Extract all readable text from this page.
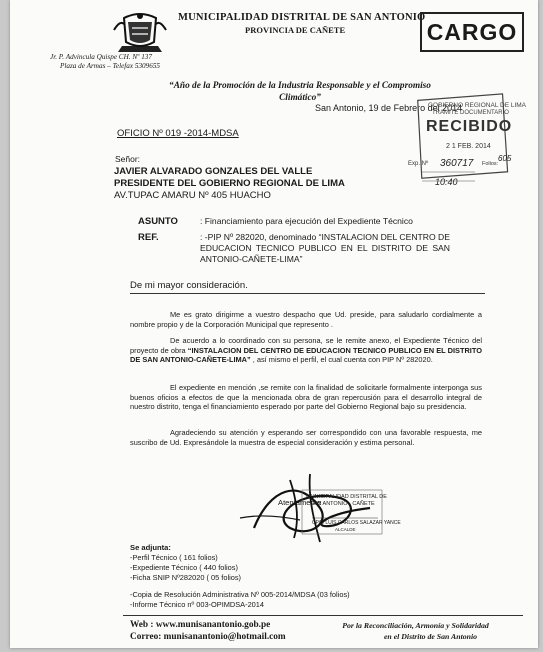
MUNICIPALIDAD DISTRITAL DE SAN ANTONIO
PROVINCIA DE CAÑETE
Jr. P. Advincula Quispe CH. Nº 137
Plaza de Armas – Telefax 5309655
CARGO
“Año de la Promoción de la Industria Responsable y el Compromiso Climático”
San Antonio, 19 de Febrero del 2014
GOBIERNO REGIONAL DE LIMA
TRAMITE DOCUMENTARIO
RECIBIDO
2 1 FEB. 2014
Exp. Nº 360717 Folios:
605
10:40
OFICIO Nº 019 -2014-MDSA
Señor:
JAVIER ALVARADO GONZALES DEL VALLE
PRESIDENTE DEL GOBIERNO REGIONAL DE LIMA
AV.TUPAC AMARU Nº 405 HUACHO
ASUNTO	: Financiamiento para ejecución del Expediente Técnico
REF.	: -PIP Nº 282020, denominado “INSTALACION DEL CENTRO DE EDUCACION TECNICO PUBLICO EN EL DISTRITO DE SAN ANTONIO-CAÑETE-LIMA”
De mi mayor consideración.
Me es grato dirigirme a vuestro despacho que Ud. preside, para saludarlo cordialmente a nombre propio y de la Corporación Municipal que represento .
De acuerdo a lo coordinado con su persona, se le remite anexo, el Expediente Técnico del proyecto de obra “INSTALACION DEL CENTRO DE EDUCACION TECNICO PUBLICO EN EL DISTRITO DE SAN ANTONIO-CAÑETE-LIMA” , así mismo el perfil, el cual cuenta con PIP Nº 282020.
El expediente en mención ,se remite con la finalidad de solicitarle formalmente interponga sus buenos oficios a efectos de que la mencionada obra de gran repercusión para el desarrollo integral de nuestro distrito, tenga el financiamiento esperado por parte del Gobierno Regional bajo su presidencia.
Agradeciendo su atención y esperando ser correspondido con una favorable respuesta, me suscribo de Ud. Expresándole la muestra de especial consideración y estima personal.
Atentamente
MUNICIPALIDAD DISTRITAL DE
SAN ANTONIO - CAÑETE
CPC. LUIS CARLOS SALAZAR YANCE
ALCALDE
Se adjunta:
-Perfil Técnico ( 161 folios)
-Expediente Técnico ( 440 folios)
-Ficha SNIP Nº282020 ( 05 folios)
-Copia de Resolución Administrativa Nº 005-2014/MDSA (03 folios)
-Informe Técnico nº 003-OPIMDSA-2014
Web : www.munisanantonio.gob.pe
Correo: munisanantonio@hotmail.com
Por la Reconciliación, Armonía y Solidaridad
en el Distrito de San Antonio
